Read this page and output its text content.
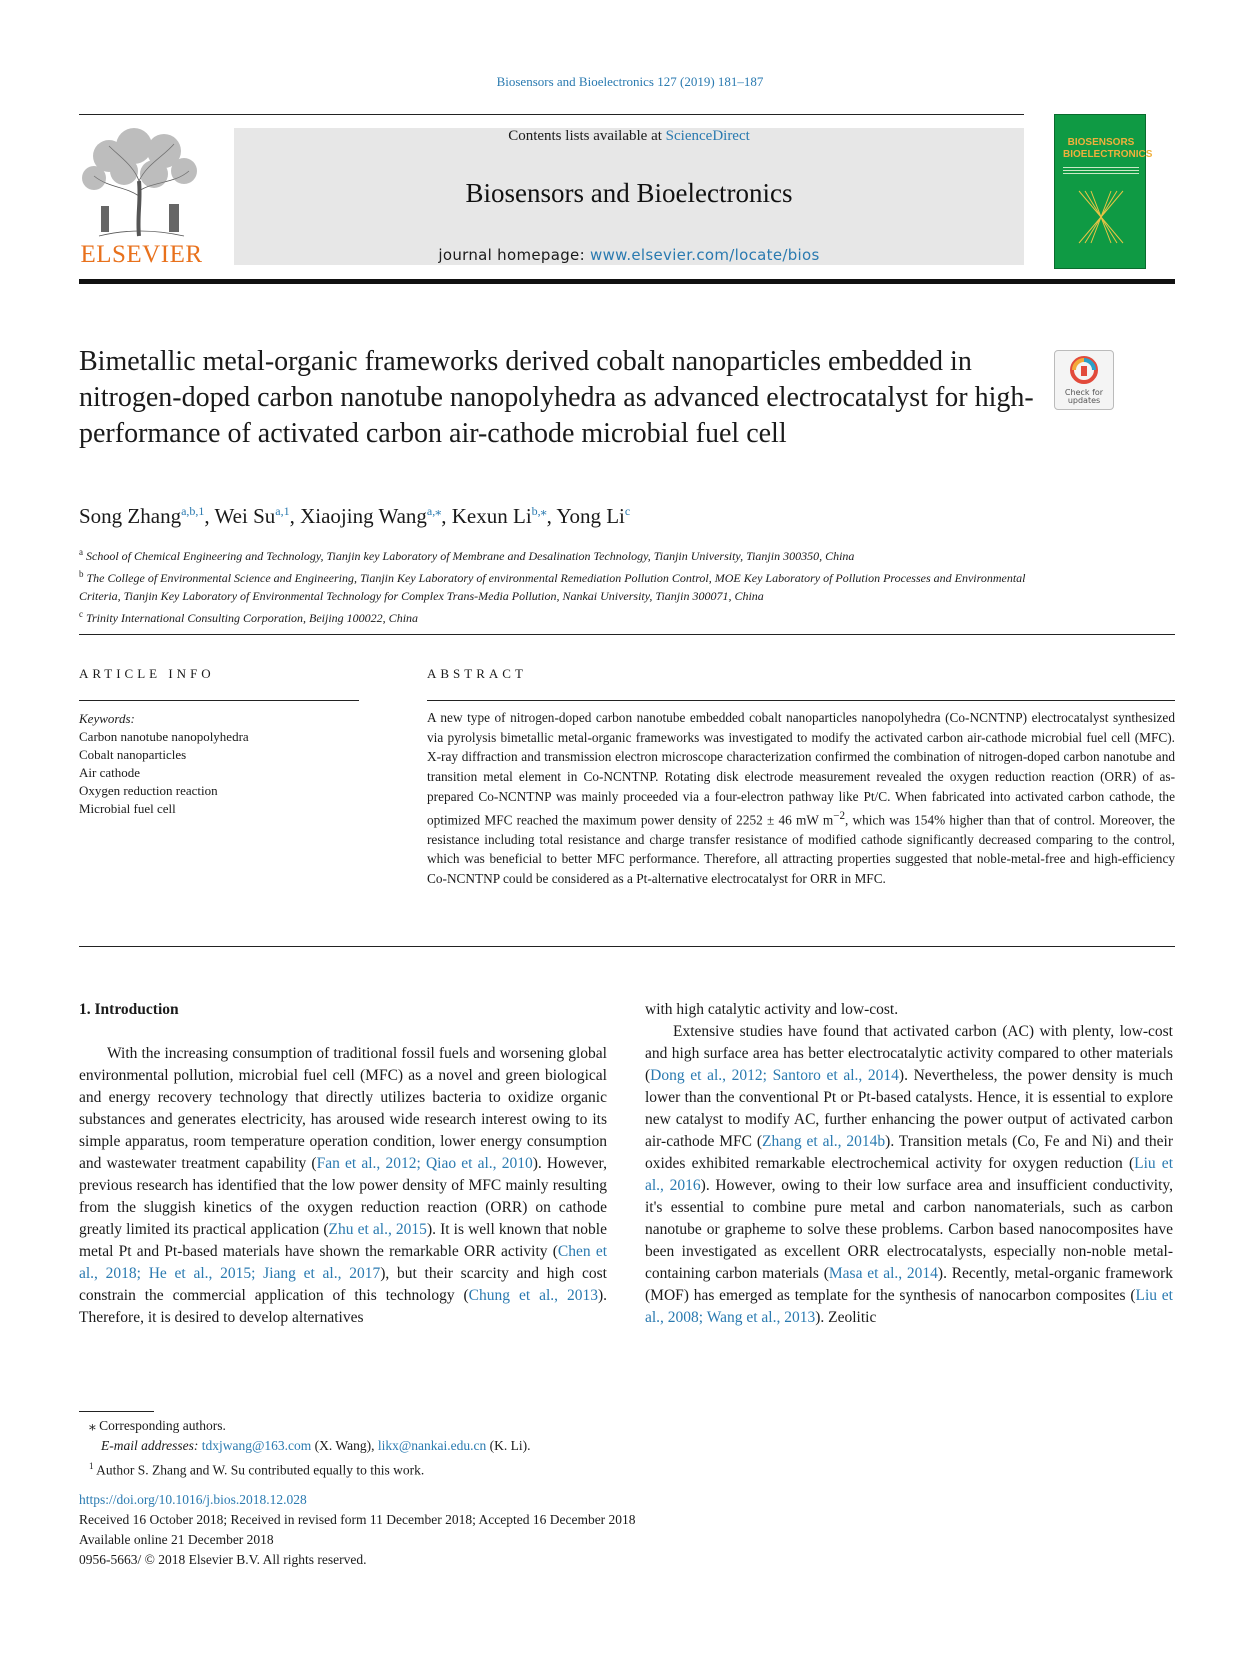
Biosensors and Bioelectronics 127 (2019) 181–187
ELSEVIER
Contents lists available at ScienceDirect
Biosensors and Bioelectronics
journal homepage: www.elsevier.com/locate/bios
BIOSENSORS BIOELECTRONICS
Bimetallic metal-organic frameworks derived cobalt nanoparticles embedded in nitrogen-doped carbon nanotube nanopolyhedra as advanced electrocatalyst for high-performance of activated carbon air-cathode microbial fuel cell
Check for updates
Song Zhang$^{a,b,1}$, Wei Su$^{a,1}$, Xiaojing Wang$^{a,⁎}$, Kexun $Li^{b,⁎}$, Yong Li$^c$
$^a$ School of Chemical Engineering and Technology, Tianjin key Laboratory of Membrane and Desalination Technology, Tianjin University, Tianjin 300350, China
$^b$ The College of Environmental Science and Engineering, Tianjin Key Laboratory of environmental Remediation Pollution Control, MOE Key Laboratory of Pollution Processes and Environmental Criteria, Tianjin Key Laboratory of Environmental Technology for Complex Trans-Media Pollution, Nankai University, Tianjin 300071, China
$^c$ Trinity International Consulting Corporation, Beijing 100022, China
ARTICLE INFO
Keywords:
Carbon nanotube nanopolyhedra
Cobalt nanoparticles
Air cathode
Oxygen reduction reaction
Microbial fuel cell
ABSTRACT

A new type of nitrogen-doped carbon nanotube embedded cobalt nanoparticles nanopolyhedra (Co-NCNTNP) electrocatalyst synthesized via pyrolysis bimetallic metal-organic frameworks was investigated to modify the activated carbon air-cathode microbial fuel cell (MFC). X-ray diffraction and transmission electron microscope characterization confirmed the combination of nitrogen-doped carbon nanotube and transition metal element in Co-NCNTNP. Rotating disk electrode measurement revealed the oxygen reduction reaction (ORR) of as-prepared Co-NCNTNP was mainly proceeded via a four-electron pathway like Pt/C. When fabricated into activated carbon cathode, the optimized MFC reached the maximum power density of 2252 ± 46 mW $m^{-2}$, which was 154% higher than that of control. Moreover, the resistance including total resistance and charge transfer resistance of modified cathode significantly decreased comparing to the control, which was beneficial to better MFC performance. Therefore, all attracting properties suggested that noble-metal-free and high-efficiency Co-NCNTNP could be considered as a Pt-alternative electrocatalyst for ORR in MFC.

1. Introduction

With the increasing consumption of traditional fossil fuels and worsening global environmental pollution, microbial fuel cell (MFC) as a novel and green biological and energy recovery technology that directly utilizes bacteria to oxidize organic substances and generates electricity, has aroused wide research interest owing to its simple apparatus, room temperature operation condition, lower energy consumption and wastewater treatment capability (Fan et al., 2012; Qiao et al., 2010). However, previous research has identified that the low power density of MFC mainly resulting from the sluggish kinetics of the oxygen reduction reaction (ORR) on cathode greatly limited its practical application (Zhu et al., 2015). It is well known that noble metal Pt and Pt-based materials have shown the remarkable ORR activity (Chen et al., 2018; He et al., 2015; Jiang et al., 2017), but their scarcity and high cost constrain the commercial application of this technology (Chung et al., 2013). Therefore, it is desired to develop alternatives

with high catalytic activity and low-cost.

Extensive studies have found that activated carbon (AC) with plenty, low-cost and high surface area has better electrocatalytic activity compared to other materials (Dong et al., 2012; Santoro et al., 2014). Nevertheless, the power density is much lower than the conventional Pt or Pt-based catalysts. Hence, it is essential to explore new catalyst to modify AC, further enhancing the power output of activated carbon air-cathode MFC (Zhang et al., 2014b). Transition metals (Co, Fe and Ni) and their oxides exhibited remarkable electrochemical activity for oxygen reduction (Liu et al., 2016). However, owing to their low surface area and insufficient conductivity, it's essential to combine pure metal and carbon nanomaterials, such as carbon nanotube or grapheme to solve these problems. Carbon based nanocomposites have been investigated as excellent ORR electrocatalysts, especially non-noble metal-containing carbon materials (Masa et al., 2014). Recently, metal-organic framework (MOF) has emerged as template for the synthesis of nanocarbon composites (Liu et al., 2008; Wang et al., 2013). Zeolitic

⁎ Corresponding authors.
E-mail addresses: tdxjwang@163.com (X. Wang), likx@nankai.edu.cn (K. Li).
$^1$ Author S. Zhang and W. Su contributed equally to this work.
https://doi.org/10.1016/j.bios.2018.12.028
Received 16 October 2018; Received in revised form 11 December 2018; Accepted 16 December 2018
Available online 21 December 2018
0956-5663/ © 2018 Elsevier B.V. All rights reserved.
